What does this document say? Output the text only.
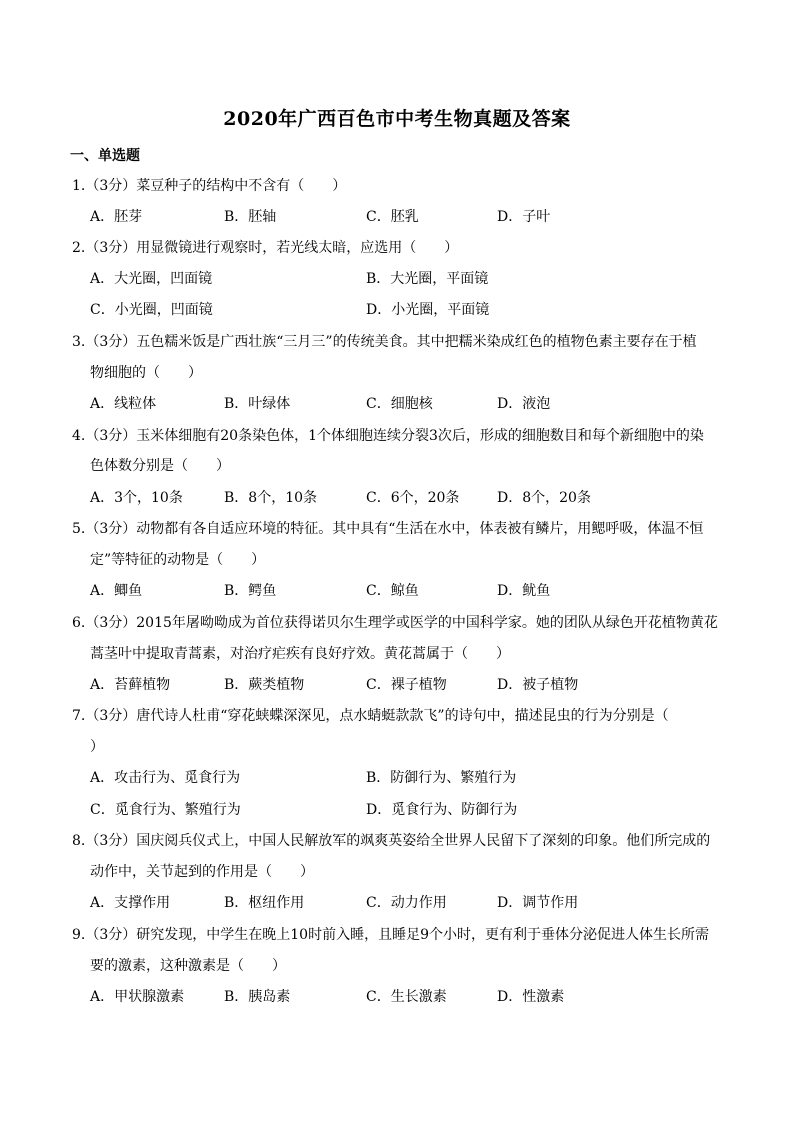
2020年广西百色市中考生物真题及答案
一、单选题
1.（3分）菜豆种子的结构中不含有（　　）
A．胚芽	B．胚轴	C．胚乳	D．子叶
2.（3分）用显微镜进行观察时，若光线太暗，应选用（　　）
A．大光圈，凹面镜	B．大光圈，平面镜
C．小光圈，凹面镜	D．小光圈，平面镜
3.（3分）五色糯米饭是广西壮族“三月三”的传统美食。其中把糯米染成红色的植物色素主要存在于植
物细胞的（　　）
A．线粒体	B．叶绿体	C．细胞核	D．液泡
4.（3分）玉米体细胞有20条染色体，1个体细胞连续分裂3次后，形成的细胞数目和每个新细胞中的染
色体数分别是（　　）
A．3个，10条	B．8个，10条	C．6个，20条	D．8个，20条
5.（3分）动物都有各自适应环境的特征。其中具有“生活在水中，体表被有鳞片，用鳃呼吸，体温不恒
定”等特征的动物是（　　）
A．鲫鱼	B．鳄鱼	C．鲸鱼	D．鱿鱼
6.（3分）2015年屠呦呦成为首位获得诺贝尔生理学或医学的中国科学家。她的团队从绿色开花植物黄花
蒿茎叶中提取青蒿素，对治疗疟疾有良好疗效。黄花蒿属于（　　）
A．苔藓植物	B．蕨类植物	C．裸子植物	D．被子植物
7.（3分）唐代诗人杜甫“穿花蛱蝶深深见，点水蜻蜓款款飞”的诗句中，描述昆虫的行为分别是（
）
A．攻击行为、觅食行为	B．防御行为、繁殖行为
C．觅食行为、繁殖行为	D．觅食行为、防御行为
8.（3分）国庆阅兵仪式上，中国人民解放军的飒爽英姿给全世界人民留下了深刻的印象。他们所完成的
动作中，关节起到的作用是（　　）
A．支撑作用	B．枢纽作用	C．动力作用	D．调节作用
9.（3分）研究发现，中学生在晚上10时前入睡，且睡足9个小时，更有利于垂体分泌促进人体生长所需
要的激素，这种激素是（　　）
A．甲状腺激素	B．胰岛素	C．生长激素	D．性激素
